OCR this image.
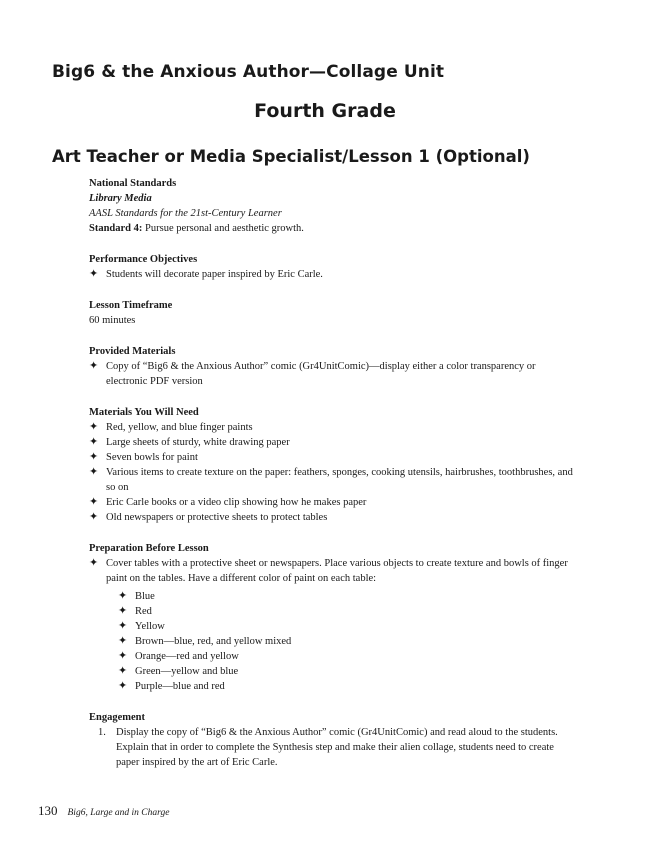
Big6 & the Anxious Author—Collage Unit
Fourth Grade
Art Teacher or Media Specialist/Lesson 1 (Optional)

National Standards

Library Media

AASL Standards for the 21st-Century Learner

Standard 4: Pursue personal and aesthetic growth.

Performance Objectives

✦ Students will decorate paper inspired by Eric Carle.

Lesson Timeframe

60 minutes

Provided Materials

✦ Copy of “Big6 & the Anxious Author” comic (Gr4UnitComic)—display either a color transparency or electronic PDF version

Materials You Will Need

✦ Red, yellow, and blue finger paints
✦ Large sheets of sturdy, white drawing paper
✦ Seven bowls for paint
✦ Various items to create texture on the paper: feathers, sponges, cooking utensils, hairbrushes, toothbrushes, and so on
✦ Eric Carle books or a video clip showing how he makes paper
✦ Old newspapers or protective sheets to protect tables

Preparation Before Lesson

✦ Cover tables with a protective sheet or newspapers. Place various objects to create texture and bowls of finger paint on the tables. Have a different color of paint on each table:
✦ Blue
✦ Red
✦ Yellow
✦ Brown—blue, red, and yellow mixed
✦ Orange—red and yellow
✦ Green—yellow and blue
✦ Purple—blue and red

Engagement

1. Display the copy of “Big6 & the Anxious Author” comic (Gr4UnitComic) and read aloud to the students. Explain that in order to complete the Synthesis step and make their alien collage, students need to create paper inspired by the art of Eric Carle.
130 Big6, Large and in Charge
